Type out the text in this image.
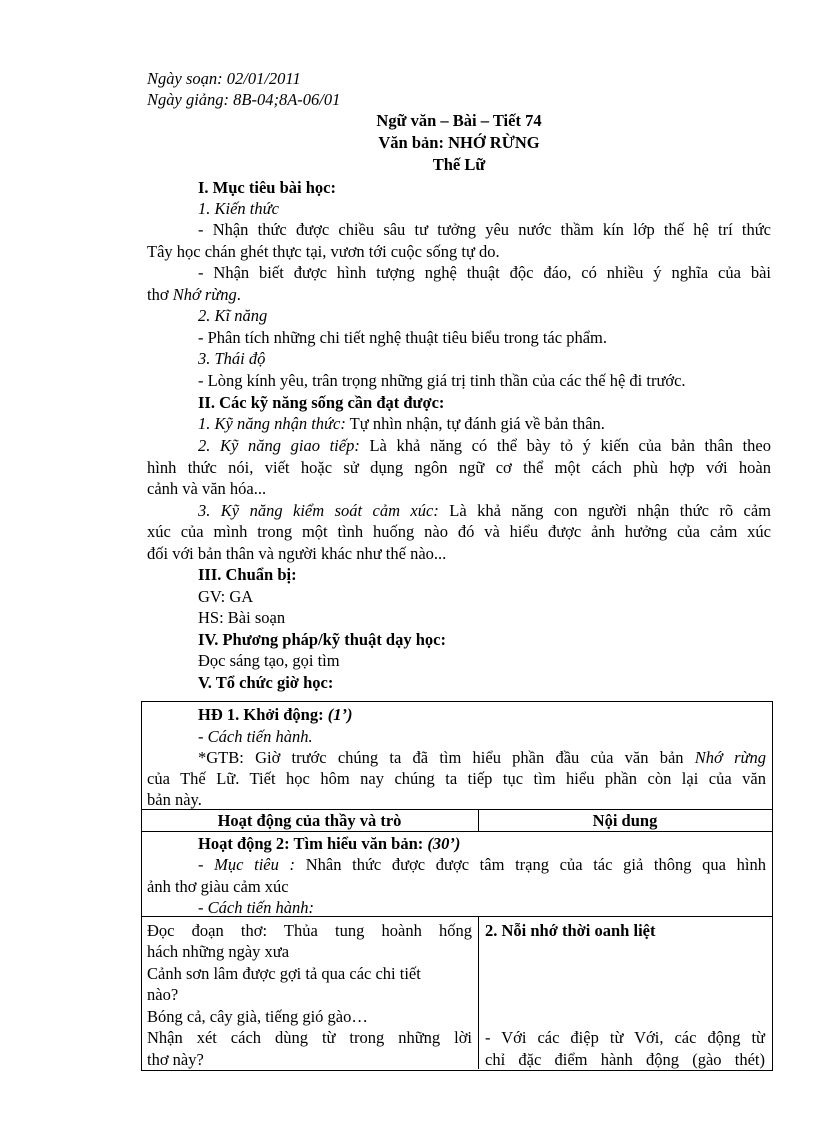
Ngày soạn: 02/01/2011
Ngày giảng: 8B-04;8A-06/01
Ngữ văn – Bài – Tiết 74
Văn bản: NHỚ RỪNG
Thế Lữ
I. Mục tiêu bài học:
1. Kiến thức
- Nhận thức được chiều sâu tư tưởng yêu nước thầm kín lớp thế hệ trí thức
Tây học chán ghét thực tại, vươn tới cuộc sống tự do.
- Nhận biết được hình tượng nghệ thuật độc đáo, có nhiều ý nghĩa của bài
thơ Nhớ rừng.
2. Kĩ năng
- Phân tích những chi tiết nghệ thuật tiêu biểu trong tác phẩm.
3. Thái độ
- Lòng kính yêu, trân trọng những giá trị tinh thần của các thế hệ đi trước.
II. Các kỹ năng sống cần đạt được:
1. Kỹ năng nhận thức: Tự nhìn nhận, tự đánh giá về bản thân.
2. Kỹ năng giao tiếp: Là khả năng có thể bày tỏ ý kiến của bản thân theo
hình thức nói, viết hoặc sử dụng ngôn ngữ cơ thể một cách phù hợp với hoàn
cảnh và văn hóa...
3. Kỹ năng kiểm soát cảm xúc: Là khả năng con người nhận thức rõ cảm
xúc của mình trong một tình huống nào đó và hiểu được ảnh hưởng của cảm xúc
đối với bản thân và người khác như thế nào...
III. Chuẩn bị:
GV: GA
HS: Bài soạn
IV. Phương pháp/kỹ thuật dạy học:
Đọc sáng tạo, gọi tìm
V. Tổ chức giờ học:
HĐ 1. Khởi động: (1’)
- Cách tiến hành.
*GTB: Giờ trước chúng ta đã tìm hiểu phần đầu của văn bản Nhớ rừng
của Thế Lữ. Tiết học hôm nay chúng ta tiếp tục tìm hiểu phần còn lại của văn
bản này.
Hoạt động của thầy và trò	Nội dung
Hoạt động 2: Tìm hiểu văn bản: (30’)
- Mục tiêu : Nhân thức được được tâm trạng của tác giả thông qua hình
ảnh thơ giàu cảm xúc
- Cách tiến hành:
Đọc đoạn thơ: Thủa tung hoành hống
hách những ngày xưa
Cảnh sơn lâm được gợi tả qua các chi tiết
nào?
Bóng cả, cây già, tiếng gió gào…
Nhận xét cách dùng từ trong những lời
thơ này?
2. Nỗi nhớ thời oanh liệt
- Với các điệp từ Với, các động từ
chỉ đặc điểm hành động (gào thét)
